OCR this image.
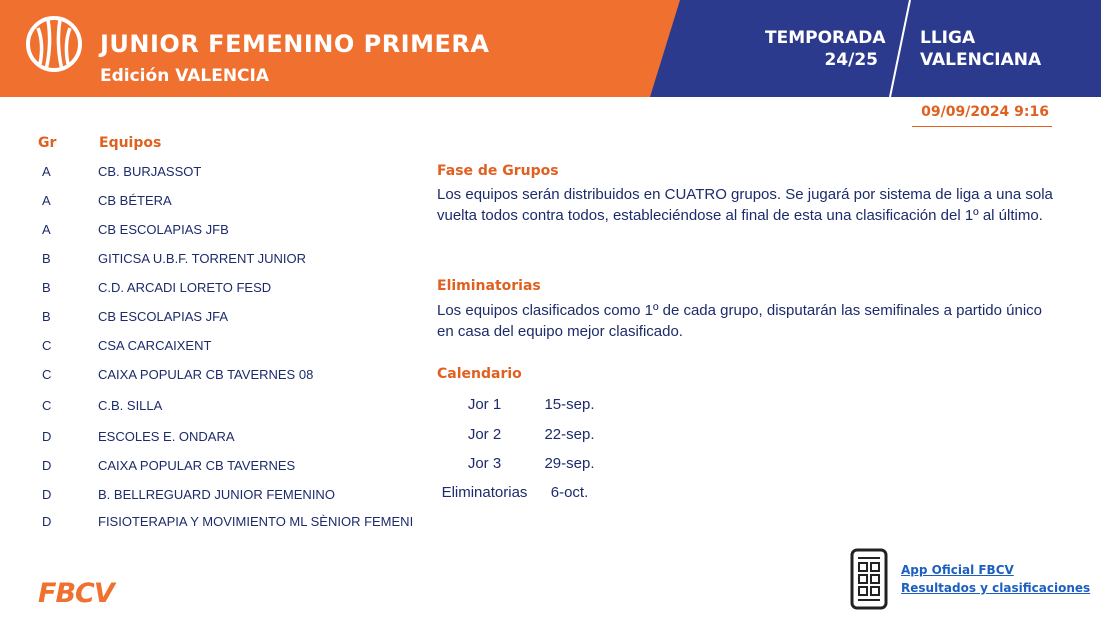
JUNIOR FEMENINO PRIMERA
Edición VALENCIA
TEMPORADA
24/25
LLIGA
VALENCIANA
09/09/2024 9:16
Gr	Equipos
A	CB. BURJASSOT
A	CB BÉTERA
A	CB ESCOLAPIAS JFB
B	GITICSA U.B.F. TORRENT JUNIOR
B	C.D. ARCADI LORETO FESD
B	CB ESCOLAPIAS JFA
C	CSA CARCAIXENT
C	CAIXA POPULAR CB TAVERNES 08
C	C.B. SILLA
D	ESCOLES E. ONDARA
D	CAIXA POPULAR CB TAVERNES
D	B. BELLREGUARD JUNIOR FEMENINO
D	FISIOTERAPIA Y MOVIMIENTO ML SÈNIOR FEMENI
Fase de Grupos
Los equipos serán distribuidos en CUATRO grupos. Se jugará por sistema de liga a una sola vuelta todos contra todos, estableciéndose al final de esta una clasificación del 1º al último.
Eliminatorias
Los equipos clasificados como 1º de cada grupo, disputarán las semifinales a partido único en casa del equipo mejor clasificado.
Calendario
Jor 1	15-sep.
Jor 2	22-sep.
Jor 3	29-sep.
Eliminatorias	6-oct.
FBCV
App Oficial FBCV
Resultados y clasificaciones
